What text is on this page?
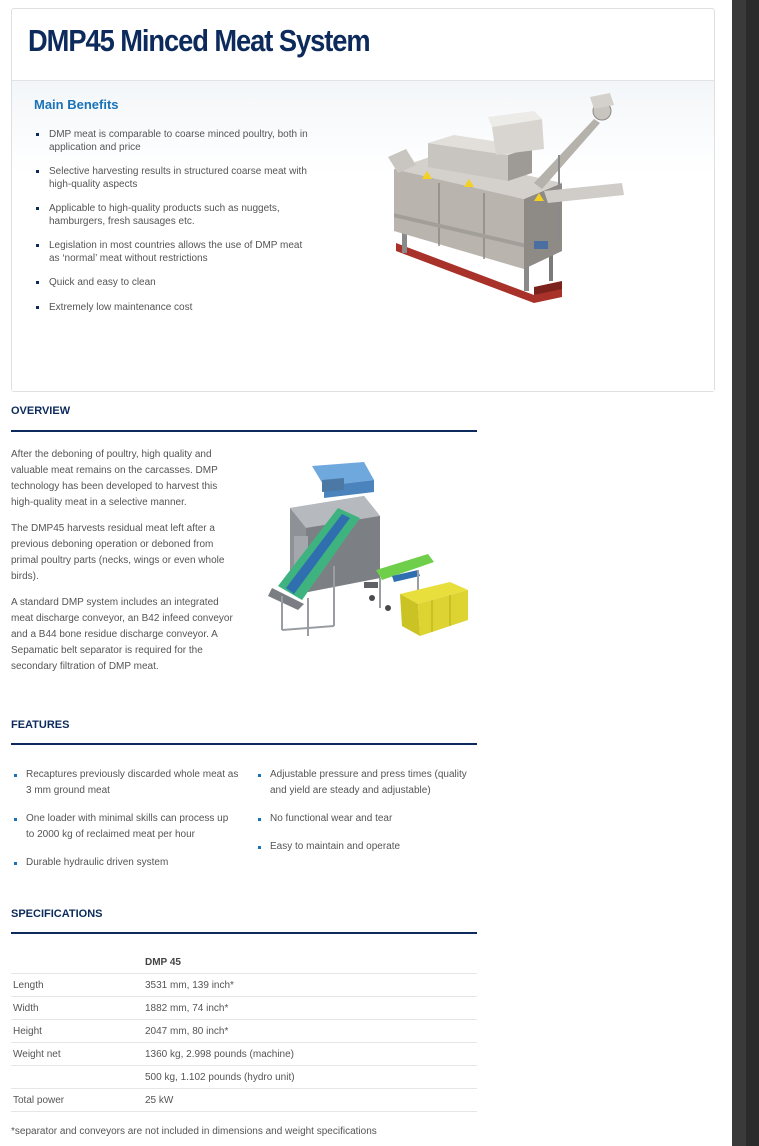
DMP45 Minced Meat System
Main Benefits
DMP meat is comparable to coarse minced poultry, both in application and price
Selective harvesting results in structured coarse meat with high-quality aspects
Applicable to high-quality products such as nuggets, hamburgers, fresh sausages etc.
Legislation in most countries allows the use of DMP meat as ‘normal’ meat without restrictions
Quick and easy to clean
Extremely low maintenance cost
OVERVIEW

After the deboning of poultry, high quality and valuable meat remains on the carcasses. DMP technology has been developed to harvest this high-quality meat in a selective manner.

The DMP45 harvests residual meat left after a previous deboning operation or deboned from primal poultry parts (necks, wings or even whole birds).

A standard DMP system includes an integrated meat discharge conveyor, an B42 infeed conveyor and a B44 bone residue discharge conveyor. A Sepamatic belt separator is required for the secondary filtration of DMP meat.

FEATURES
Recaptures previously discarded whole meat as 3 mm ground meat
One loader with minimal skills can process up to 2000 kg of reclaimed meat per hour
Durable hydraulic driven system
Adjustable pressure and press times (quality and yield are steady and adjustable)
No functional wear and tear
Easy to maintain and operate
SPECIFICATIONS
	DMP 45
Length	3531 mm, 139 inch*
Width	1882 mm, 74 inch*
Height	2047 mm, 80 inch*
Weight net	1360 kg, 2.998 pounds (machine)
	500 kg, 1.102 pounds (hydro unit)
Total power	25 kW

*separator and conveyors are not included in dimensions and weight specifications
